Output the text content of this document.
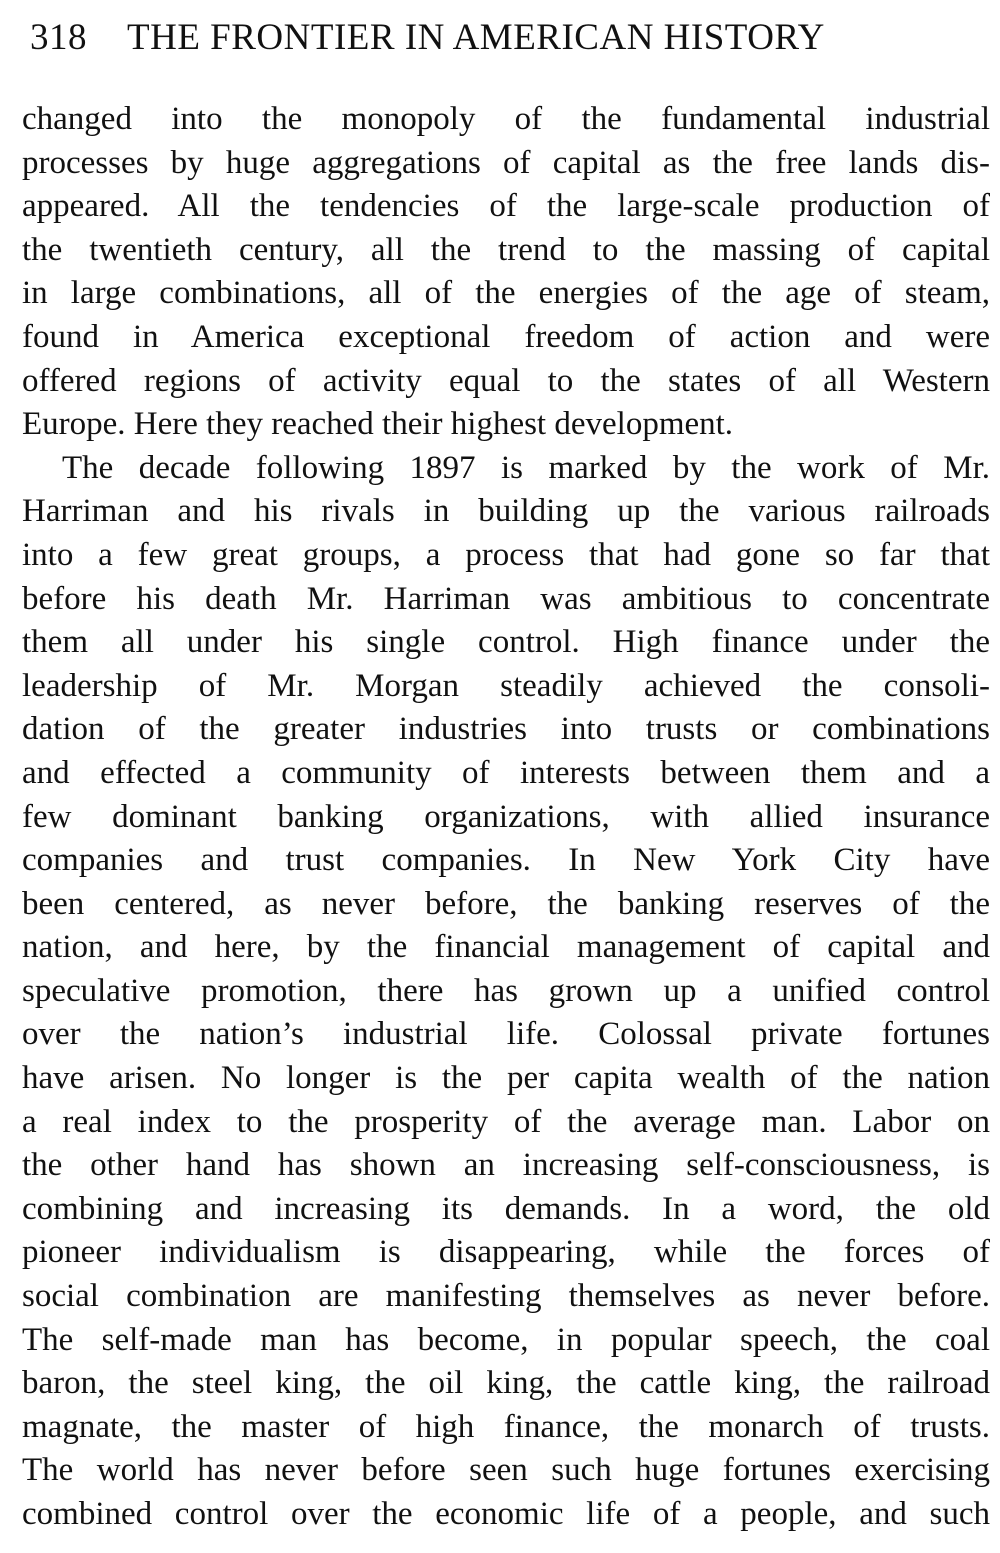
318 THE FRONTIER IN AMERICAN HISTORY
changed into the monopoly of the fundamental industrial
processes by huge aggregations of capital as the free lands dis-
appeared. All the tendencies of the large-scale production of
the twentieth century, all the trend to the massing of capital
in large combinations, all of the energies of the age of steam,
found in America exceptional freedom of action and were
offered regions of activity equal to the states of all Western
Europe. Here they reached their highest development.
The decade following 1897 is marked by the work of Mr.
Harriman and his rivals in building up the various railroads
into a few great groups, a process that had gone so far that
before his death Mr. Harriman was ambitious to concentrate
them all under his single control. High finance under the
leadership of Mr. Morgan steadily achieved the consoli-
dation of the greater industries into trusts or combinations
and effected a community of interests between them and a
few dominant banking organizations, with allied insurance
companies and trust companies. In New York City have
been centered, as never before, the banking reserves of the
nation, and here, by the financial management of capital and
speculative promotion, there has grown up a unified control
over the nation’s industrial life. Colossal private fortunes
have arisen. No longer is the per capita wealth of the nation
a real index to the prosperity of the average man. Labor on
the other hand has shown an increasing self-consciousness, is
combining and increasing its demands. In a word, the old
pioneer individualism is disappearing, while the forces of
social combination are manifesting themselves as never before.
The self-made man has become, in popular speech, the coal
baron, the steel king, the oil king, the cattle king, the railroad
magnate, the master of high finance, the monarch of trusts.
The world has never before seen such huge fortunes exercising
combined control over the economic life of a people, and such
